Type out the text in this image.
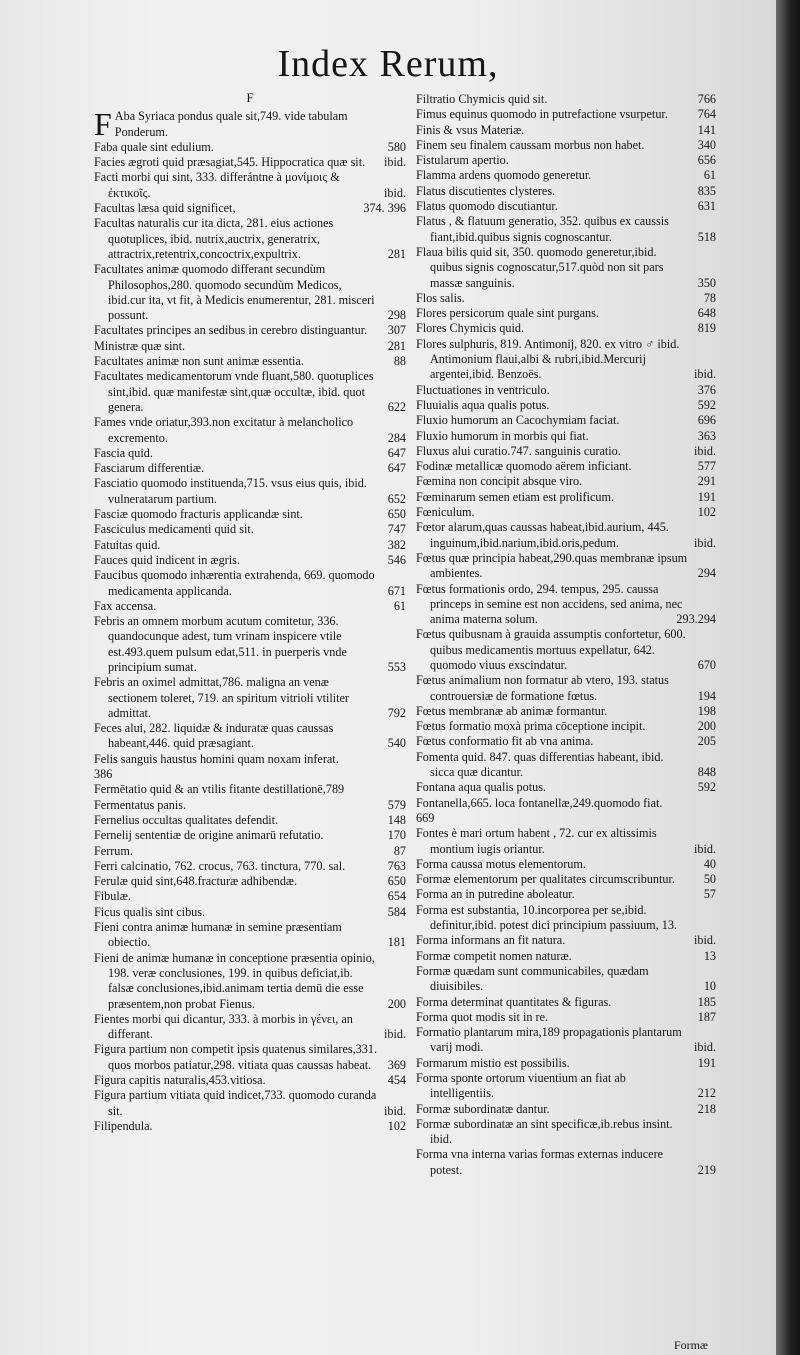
Index Rerum,
F
FAba Syriaca pondus quale sit,749. vide tabulam Ponderum.
Faba quale sint edulium.	580
Facies ægroti quid præsagiat,545. Hippocratica quæ sit. ibid.
Facti morbi qui sint, 333. differántne à μονίμοις & ἐκτικοῖς.	ibid.
Facultas læsa quid significet,	374. 396
Facultas naturalis cur ita dicta, 281. eius actiones quotuplices, ibid. nutrix,auctrix, generatrix, attractrix,retentrix,concoctrix,expultrix.	281
Facultates animæ quomodo differant secundùm Philosophos,280. quomodo secundùm Medicos, ibid.cur ita, vt fit, à Medicis enumerentur, 281. misceri possunt.	298
Facultates principes an sedibus in cerebro distinguantur. 307
Ministræ quæ sint.	281
Facultates animæ non sunt animæ essentia.	88
Facultates medicamentorum vnde fluant,580. quotuplices sint,ibid. quæ manifestæ sint,quæ occultæ, ibid. quot genera.	622
Fames vnde oriatur,393.non excitatur à melancholico excremento.	284
Fascia quid.	647
Fasciarum differentiæ.	647
Fasciatio quomodo instituenda,715. vsus eius quis, ibid. vulneratarum partium.	652
Fasciæ quomodo fracturis applicandæ sint.	650
Fasciculus medicamenti quid sit.	747
Fatuitas quid.	382
Fauces quid indicent in ægris.	546
Faucibus quomodo inhærentia extrahenda, 669. quomodo medicamenta applicanda.	671
Fax accensa.	61
Febris an omnem morbum acutum comitetur, 336. quandocunque adest, tum vrinam inspicere vtile est.493.quem pulsum edat,511. in puerperis vnde principium sumat.	553
Febris an oximel admittat,786. maligna an venæ sectionem toleret, 719. an spiritum vitrioli vtiliter admittat.	792
Feces alui, 282. liquidæ & induratæ quas caussas habeant,446. quid præsagiant.	540
Felis sanguis haustus homini quam noxam inferat.
386
Fermētatio quid & an vtilis fitante destillationē,789
Fermentatus panis.	579
Fernelius occultas qualitates defendit.	148
Fernelij sententiæ de origine animarū refutatio.	170
Ferrum.	87
Ferri calcinatio, 762. crocus, 763. tinctura, 770. sal.	763
Ferulæ quid sint,648.fracturæ adhibendæ.	650
Fibulæ.	654
Ficus qualis sint cibus.	584
Fieni contra animæ humanæ in semine præsentiam obiectio.	181
Fieni de animæ humanæ in conceptione præsentia opinio, 198. veræ conclusiones, 199. in quibus deficiat,ib. falsæ conclusiones,ibid.animam tertia demū die esse præsentem,non probat Fienus.	200
Fientes morbi qui dicantur, 333. à morbis in γένει, an differant.	ibid.
Figura partium non competit ipsis quatenus similares,331. quos morbos patiatur,298. vitiata quas caussas habeat. 369
Figura capitis naturalis,453.vitiosa.	454
Figura partium vitiata quid indicet,733. quomodo curanda sit.	ibid.
Filipendula.	102
Filtratio Chymicis quid sit.	766
Fimus equinus quomodo in putrefactione vsurpetur. 764
Finis & vsus Materiæ.	141
Finem seu finalem caussam morbus non habet.	340
Fistularum apertio.	656
Flamma ardens quomodo generetur.	61
Flatus discutientes clysteres.	835
Flatus quomodo discutiantur.	631
Flatus , & flatuum generatio, 352. quibus ex caussis fiant,ibid.quibus signis cognoscantur.	518
Flaua bilis quid sit, 350. quomodo generetur,ibid. quibus signis cognoscatur,517.quòd non sit pars massæ sanguinis.	350
Flos salis.	78
Flores persicorum quale sint purgans.	648
Flores Chymicis quid.	819
Flores sulphuris, 819. Antimonij, 820. ex vitro ♂ ibid. Antimonium flaui,albi & rubri,ibid.Mercurij argentei,ibid. Benzoës.	ibid.
Fluctuationes in ventriculo.	376
Fluuialis aqua qualis potus.	592
Fluxio humorum an Cacochymiam faciat.	696
Fluxio humorum in morbis qui fiat.	363
Fluxus alui curatio.747. sanguinis curatio.	ibid.
Fodinæ metallicæ quomodo aërem inficiant.	577
Fœmina non concipit absque viro.	291
Fœminarum semen etiam est prolificum.	191
Fœniculum.	102
Fœtor alarum,quas caussas habeat,ibid.aurium, 445. inguinum,ibid.narium,ibid.oris,pedum.	ibid.
Fœtus quæ principia habeat,290.quas membranæ ipsum ambientes.	294
Fœtus formationis ordo, 294. tempus, 295. caussa princeps in semine est non accidens, sed anima, nec anima materna solum.	293.294
Fœtus quibusnam à grauida assumptis confortetur, 600. quibus medicamentis mortuus expellatur, 642. quomodo viuus exscindatur.	670
Fœtus animalium non formatur ab vtero, 193. status controuersiæ de formatione fœtus.	194
Fœtus membranæ ab animæ formantur.	198
Fœtus formatio moxà prima cōceptione incipit.	200
Fœtus conformatio fit ab vna anima.	205
Fomenta quid. 847. quas differentias habeant, ibid. sicca quæ dicantur.	848
Fontana aqua qualis potus.	592
Fontanella,665. loca fontanellæ,249.quomodo fiat.
669
Fontes è mari ortum habent , 72. cur ex altissimis montium iugis oriantur.	ibid.
Forma caussa motus elementorum.	40
Formæ elementorum per qualitates circumscribuntur. 50
Forma an in putredine aboleatur.	57
Forma est substantia, 10.incorporea per se,ibid. definitur,ibid. potest dici principium passiuum, 13.
Forma informans an fit natura.	ibid.
Formæ competit nomen naturæ.	13
Formæ quædam sunt communicabiles, quædam diuisibiles.	10
Forma determinat quantitates & figuras.	185
Forma quot modis sit in re.	187
Formatio plantarum mira,189 propagationis plantarum varij modi.	ibid.
Formarum mistio est possibilis.	191
Forma sponte ortorum viuentium an fiat ab intelligentiis.	212
Formæ subordinatæ dantur.	218
Formæ subordinatæ an sint specificæ,ib.rebus insint. ibid.
Forma vna interna varias formas externas inducere potest.	219
Formæ
